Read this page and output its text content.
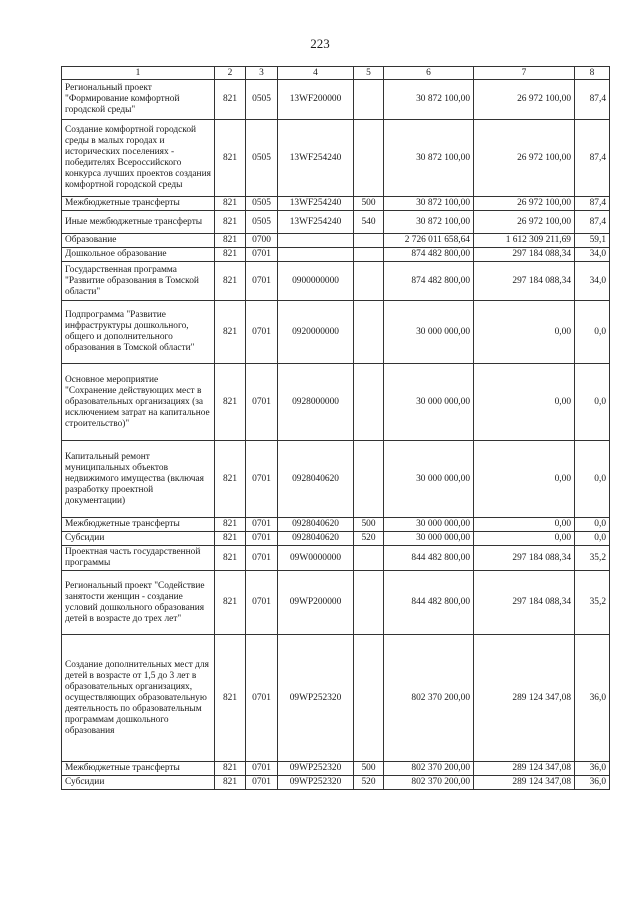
223
1	2	3	4	5	6	7	8
Региональный проект "Формирование комфортной городской среды"	821	0505	13WF200000		30 872 100,00	26 972 100,00	87,4
Создание комфортной городской среды в малых городах и исторических поселениях - победителях Всероссийского конкурса лучших проектов создания комфортной городской среды	821	0505	13WF254240		30 872 100,00	26 972 100,00	87,4
Межбюджетные трансферты	821	0505	13WF254240	500	30 872 100,00	26 972 100,00	87,4
Иные межбюджетные трансферты	821	0505	13WF254240	540	30 872 100,00	26 972 100,00	87,4
Образование	821	0700			2 726 011 658,64	1 612 309 211,69	59,1
Дошкольное образование	821	0701			874 482 800,00	297 184 088,34	34,0
Государственная программа "Развитие образования в Томской области"	821	0701	0900000000		874 482 800,00	297 184 088,34	34,0
Подпрограмма "Развитие инфраструктуры дошкольного, общего и дополнительного образования в Томской области"	821	0701	0920000000		30 000 000,00	0,00	0,0
Основное мероприятие "Сохранение действующих мест в образовательных организациях (за исключением затрат на капитальное строительство)"	821	0701	0928000000		30 000 000,00	0,00	0,0
Капитальный ремонт муниципальных объектов недвижимого имущества (включая разработку проектной документации)	821	0701	0928040620		30 000 000,00	0,00	0,0
Межбюджетные трансферты	821	0701	0928040620	500	30 000 000,00	0,00	0,0
Субсидии	821	0701	0928040620	520	30 000 000,00	0,00	0,0
Проектная часть государственной программы	821	0701	09W0000000		844 482 800,00	297 184 088,34	35,2
Региональный проект "Содействие занятости женщин - создание условий дошкольного образования детей в возрасте до трех лет"	821	0701	09WP200000		844 482 800,00	297 184 088,34	35,2
Создание дополнительных мест для детей в возрасте от 1,5 до 3 лет в образовательных организациях, осуществляющих образовательную деятельность по образовательным программам дошкольного образования	821	0701	09WP252320		802 370 200,00	289 124 347,08	36,0
Межбюджетные трансферты	821	0701	09WP252320	500	802 370 200,00	289 124 347,08	36,0
Субсидии	821	0701	09WP252320	520	802 370 200,00	289 124 347,08	36,0
